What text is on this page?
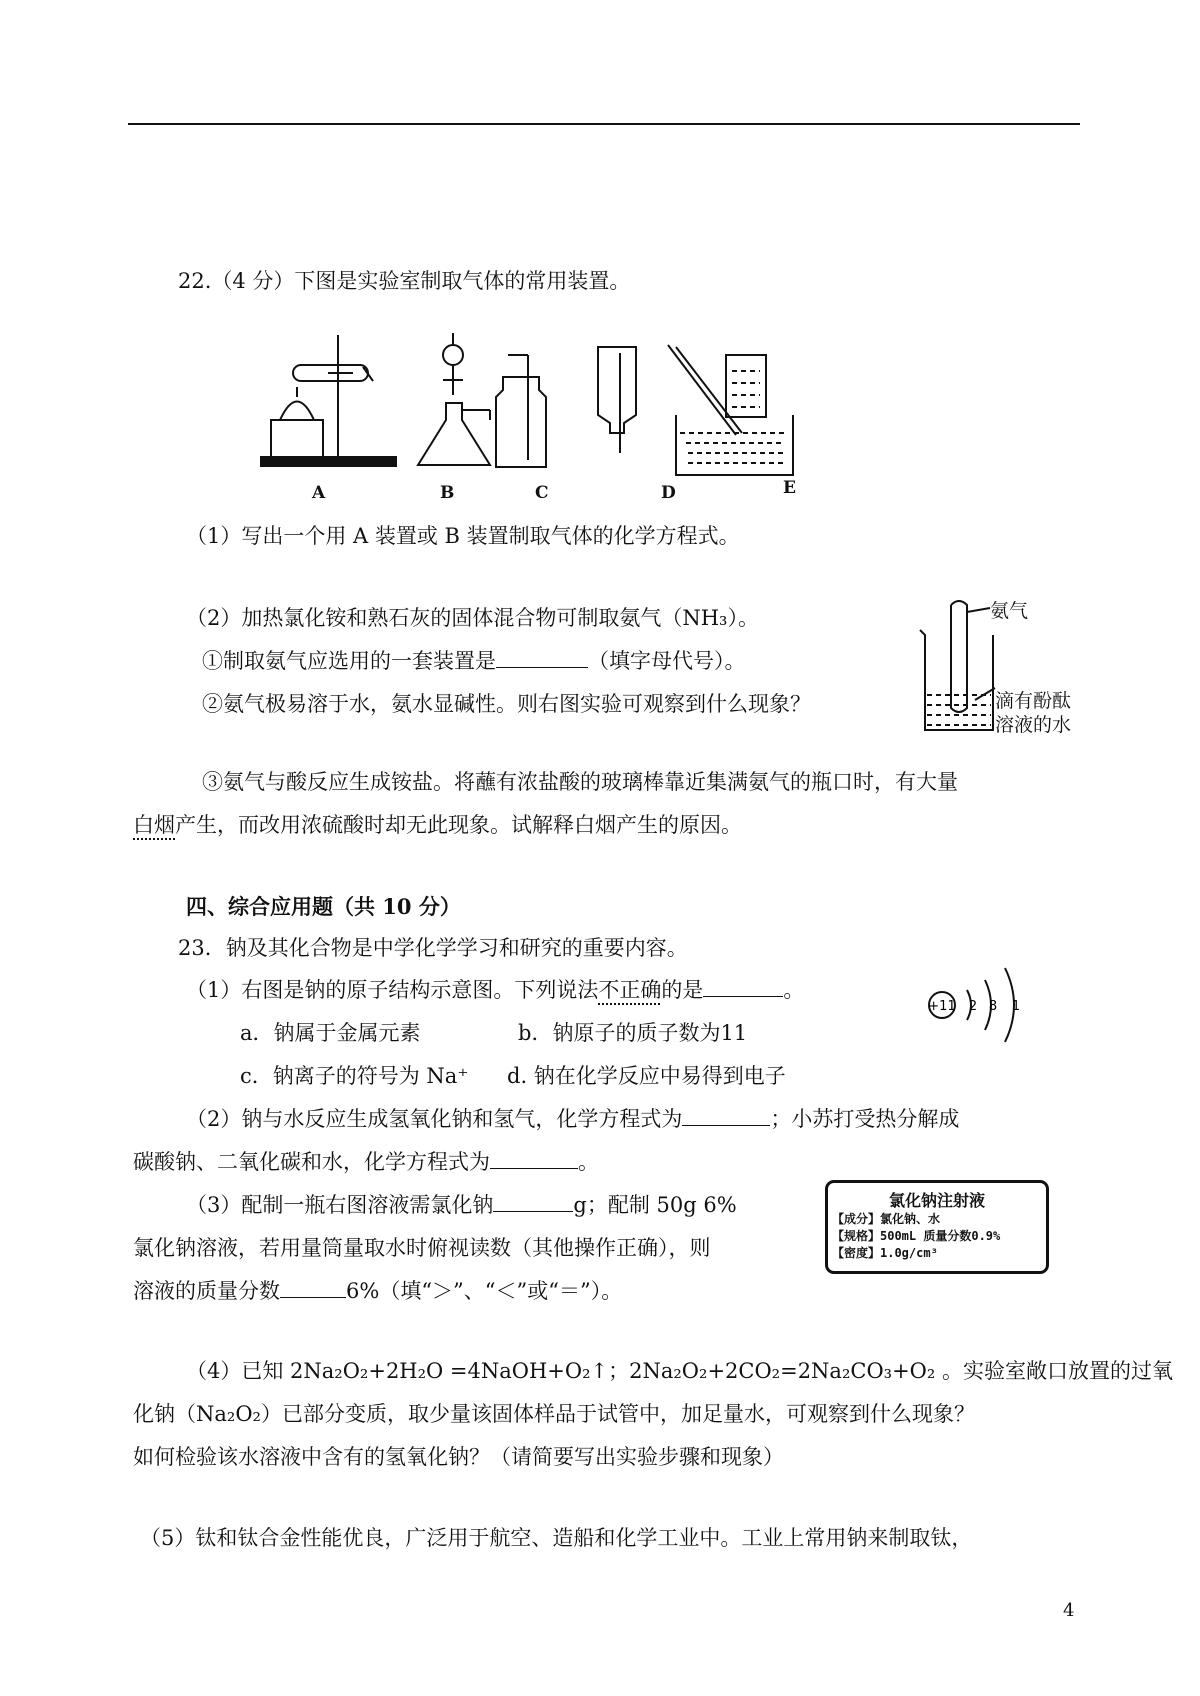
22.（4 分）下图是实验室制取气体的常用装置。
A	B	C	D	E
（1）写出一个用 A 装置或 B 装置制取气体的化学方程式。
（2）加热氯化铵和熟石灰的固体混合物可制取氨气（NH₃）。
①制取氨气应选用的一套装置是	（填字母代号）。
②氨气极易溶于水，氨水显碱性。则右图实验可观察到什么现象？
氨气
滴有酚酞
溶液的水
③氨气与酸反应生成铵盐。将蘸有浓盐酸的玻璃棒靠近集满氨气的瓶口时，有大量
白烟产生，而改用浓硫酸时却无此现象。试解释白烟产生的原因。
四、综合应用题（共 10 分）
23．钠及其化合物是中学化学学习和研究的重要内容。
（1）右图是钠的原子结构示意图。下列说法不正确的是	。
a．钠属于金属元素	b．钠原子的质子数为11
c．钠离子的符号为 Na⁺ d. 钠在化学反应中易得到电子
+11 2 8 1
（2）钠与水反应生成氢氧化钠和氢气，化学方程式为	；小苏打受热分解成
碳酸钠、二氧化碳和水，化学方程式为	。
（3）配制一瓶右图溶液需氯化钠	g；配制 50g 6%
氯化钠溶液，若用量筒量取水时俯视读数（其他操作正确），则
溶液的质量分数	6%（填“＞”、“＜”或“＝”）。
氯化钠注射液
【成分】氯化钠、水
【规格】500mL 质量分数0.9%
【密度】1.0g/cm³
（4）已知 2Na₂O₂+2H₂O =4NaOH+O₂↑；2Na₂O₂+2CO₂=2Na₂CO₃+O₂ 。实验室敞口放置的过氧
化钠（Na₂O₂）已部分变质，取少量该固体样品于试管中，加足量水，可观察到什么现象？
如何检验该水溶液中含有的氢氧化钠？（请简要写出实验步骤和现象）
（5）钛和钛合金性能优良，广泛用于航空、造船和化学工业中。工业上常用钠来制取钛，
4
